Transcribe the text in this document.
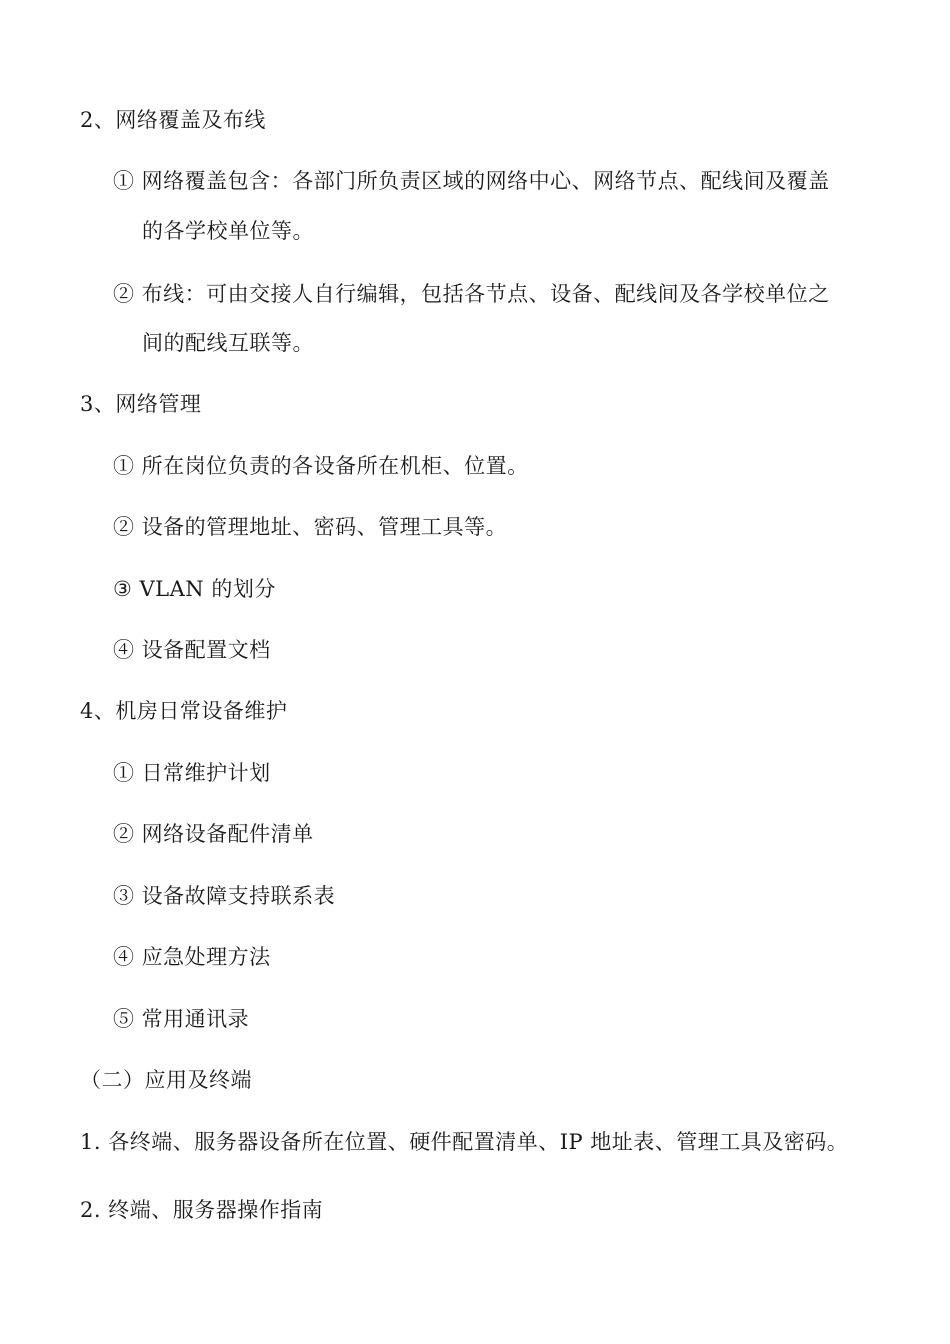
2、网络覆盖及布线
① 网络覆盖包含：各部门所负责区域的网络中心、网络节点、配线间及覆盖
的各学校单位等。
② 布线：可由交接人自行编辑，包括各节点、设备、配线间及各学校单位之
间的配线互联等。
3、网络管理
① 所在岗位负责的各设备所在机柜、位置。
② 设备的管理地址、密码、管理工具等。
③ VLAN 的划分
④ 设备配置文档
4、机房日常设备维护
① 日常维护计划
② 网络设备配件清单
③ 设备故障支持联系表
④ 应急处理方法
⑤ 常用通讯录
（二）应用及终端
1. 各终端、服务器设备所在位置、硬件配置清单、IP 地址表、管理工具及密码。
2. 终端、服务器操作指南
